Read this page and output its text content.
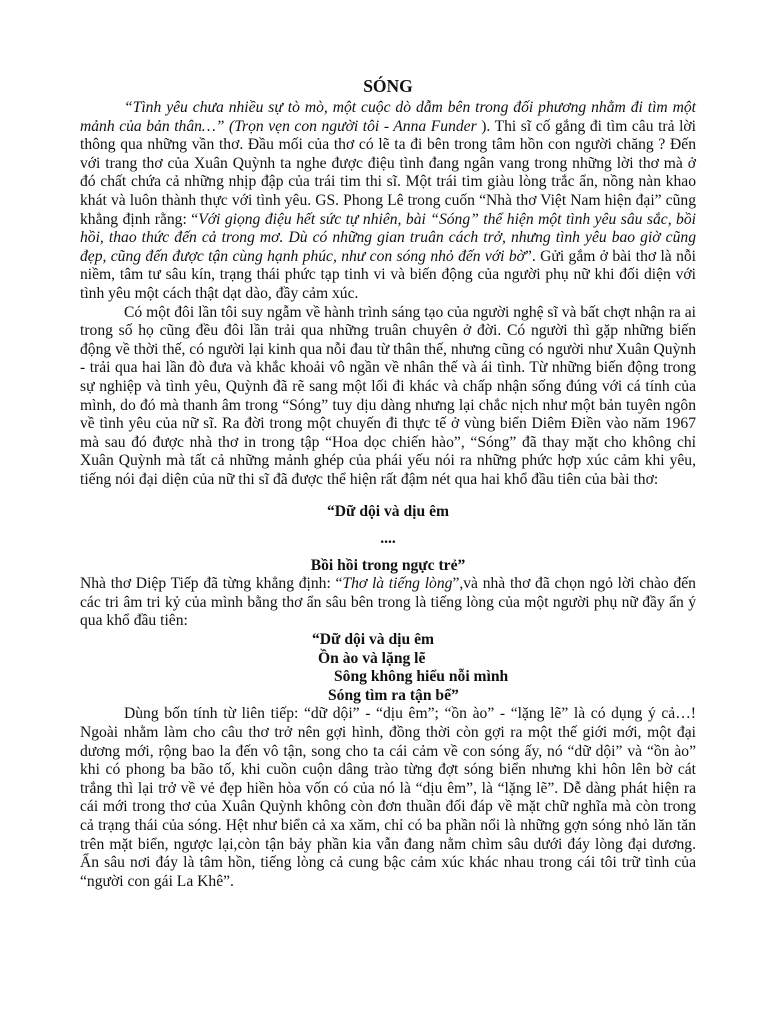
SÓNG

“Tình yêu chưa nhiều sự tò mò, một cuộc dò dẫm bên trong đối phương nhằm đi tìm một mảnh của bản thân…” (Trọn vẹn con người tôi - Anna Funder ). Thi sĩ cố gắng đi tìm câu trả lời thông qua những vần thơ. Đầu mối của thơ có lẽ ta đi bên trong tâm hồn con người chăng ? Đến với trang thơ của Xuân Quỳnh ta nghe được điệu tình đang ngân vang trong những lời thơ mà ở đó chất chứa cả những nhịp đập của trái tim thi sĩ. Một trái tim giàu lòng trắc ẩn, nồng nàn khao khát và luôn thành thực với tình yêu. GS. Phong Lê trong cuốn “Nhà thơ Việt Nam hiện đại” cũng khẳng định rằng: “Với giọng điệu hết sức tự nhiên, bài “Sóng” thể hiện một tình yêu sâu sắc, bồi hồi, thao thức đến cả trong mơ. Dù có những gian truân cách trở, nhưng tình yêu bao giờ cũng đẹp, cũng đến được tận cùng hạnh phúc, như con sóng nhỏ đến với bờ”. Gửi gắm ở bài thơ là nỗi niềm, tâm tư sâu kín, trạng thái phức tạp tinh vi và biến động của người phụ nữ khi đối diện với tình yêu một cách thật dạt dào, đầy cảm xúc.

Có một đôi lần tôi suy ngẫm về hành trình sáng tạo của người nghệ sĩ và bất chợt nhận ra ai trong số họ cũng đều đôi lần trải qua những truân chuyên ở đời. Có người thì gặp những biến động về thời thế, có người lại kinh qua nỗi đau từ thân thế, nhưng cũng có người như Xuân Quỳnh - trải qua hai lần đò đưa và khắc khoải vô ngần về nhân thế và ái tình. Từ những biến động trong sự nghiệp và tình yêu, Quỳnh đã rẽ sang một lối đi khác và chấp nhận sống đúng với cá tính của mình, do đó mà thanh âm trong “Sóng” tuy dịu dàng nhưng lại chắc nịch như một bản tuyên ngôn về tình yêu của nữ sĩ. Ra đời trong một chuyến đi thực tế ở vùng biển Diêm Điền vào năm 1967 mà sau đó được nhà thơ in trong tập “Hoa dọc chiến hào”, “Sóng” đã thay mặt cho không chỉ Xuân Quỳnh mà tất cả những mảnh ghép của phái yếu nói ra những phức hợp xúc cảm khi yêu, tiếng nói đại diện của nữ thi sĩ đã được thể hiện rất đậm nét qua hai khổ đầu tiên của bài thơ:

“Dữ dội và dịu êm
....
Bồi hồi trong ngực trẻ”

Nhà thơ Diệp Tiếp đã từng khẳng định: “Thơ là tiếng lòng”,và nhà thơ đã chọn ngỏ lời chào đến các tri âm tri kỷ của mình bằng thơ ẩn sâu bên trong là tiếng lòng của một người phụ nữ đầy ẩn ý qua khổ đầu tiên:

“Dữ dội và dịu êm
Ồn ào và lặng lẽ
Sông không hiểu nỗi mình
Sóng tìm ra tận bể”

Dùng bốn tính từ liên tiếp: “dữ dội” - “dịu êm”; “ồn ào” - “lặng lẽ” là có dụng ý cả…! Ngoài nhằm làm cho câu thơ trở nên gợi hình, đồng thời còn gợi ra một thế giới mới, một đại dương mới, rộng bao la đến vô tận, song cho ta cái cảm về con sóng ấy, nó “dữ dội” và “ồn ào” khi có phong ba bão tố, khi cuồn cuộn dâng trào từng đợt sóng biển nhưng khi hôn lên bờ cát trắng thì lại trở về vẻ đẹp hiền hòa vốn có của nó là “dịu êm”, là “lặng lẽ”. Dễ dàng phát hiện ra cái mới trong thơ của Xuân Quỳnh không còn đơn thuần đối đáp về mặt chữ nghĩa mà còn trong cả trạng thái của sóng. Hệt như biển cả xa xăm, chỉ có ba phần nổi là những gợn sóng nhỏ lăn tăn trên mặt biển, ngược lại,còn tận bảy phần kia vẫn đang nằm chìm sâu dưới đáy lòng đại dương. Ẩn sâu nơi đáy là tâm hồn, tiếng lòng cả cung bậc cảm xúc khác nhau trong cái tôi trữ tình của “người con gái La Khê”.
